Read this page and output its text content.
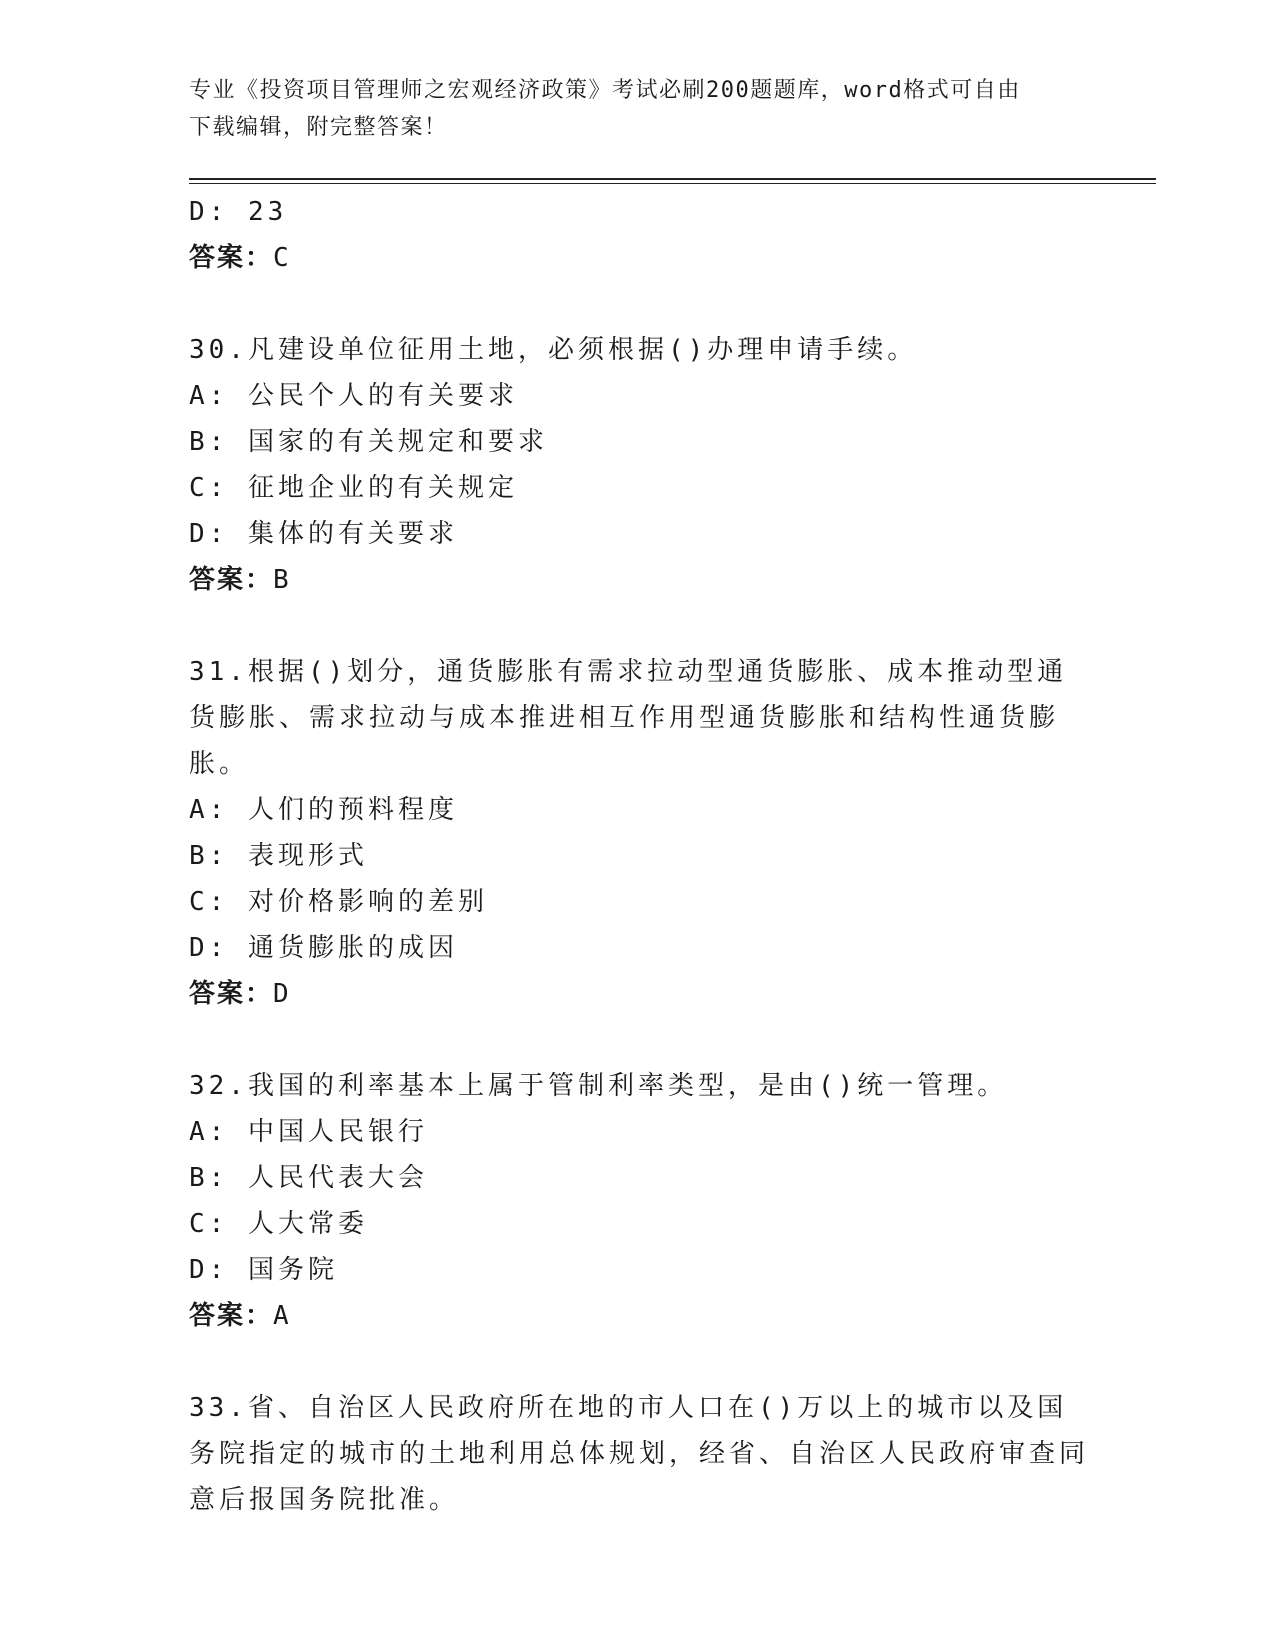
专业《投资项目管理师之宏观经济政策》考试必刷200题题库，word格式可自由

下载编辑，附完整答案！

D: 23

答案：C

30.凡建设单位征用土地，必须根据()办理申请手续。

A: 公民个人的有关要求

B: 国家的有关规定和要求

C: 征地企业的有关规定

D: 集体的有关要求

答案：B

31.根据()划分，通货膨胀有需求拉动型通货膨胀、成本推动型通货膨胀、需求拉动与成本推进相互作用型通货膨胀和结构性通货膨胀。

A: 人们的预料程度

B: 表现形式

C: 对价格影响的差别

D: 通货膨胀的成因

答案：D

32.我国的利率基本上属于管制利率类型，是由()统一管理。

A: 中国人民银行

B: 人民代表大会

C: 人大常委

D: 国务院

答案：A

33.省、自治区人民政府所在地的市人口在()万以上的城市以及国务院指定的城市的土地利用总体规划，经省、自治区人民政府审查同意后报国务院批准。
